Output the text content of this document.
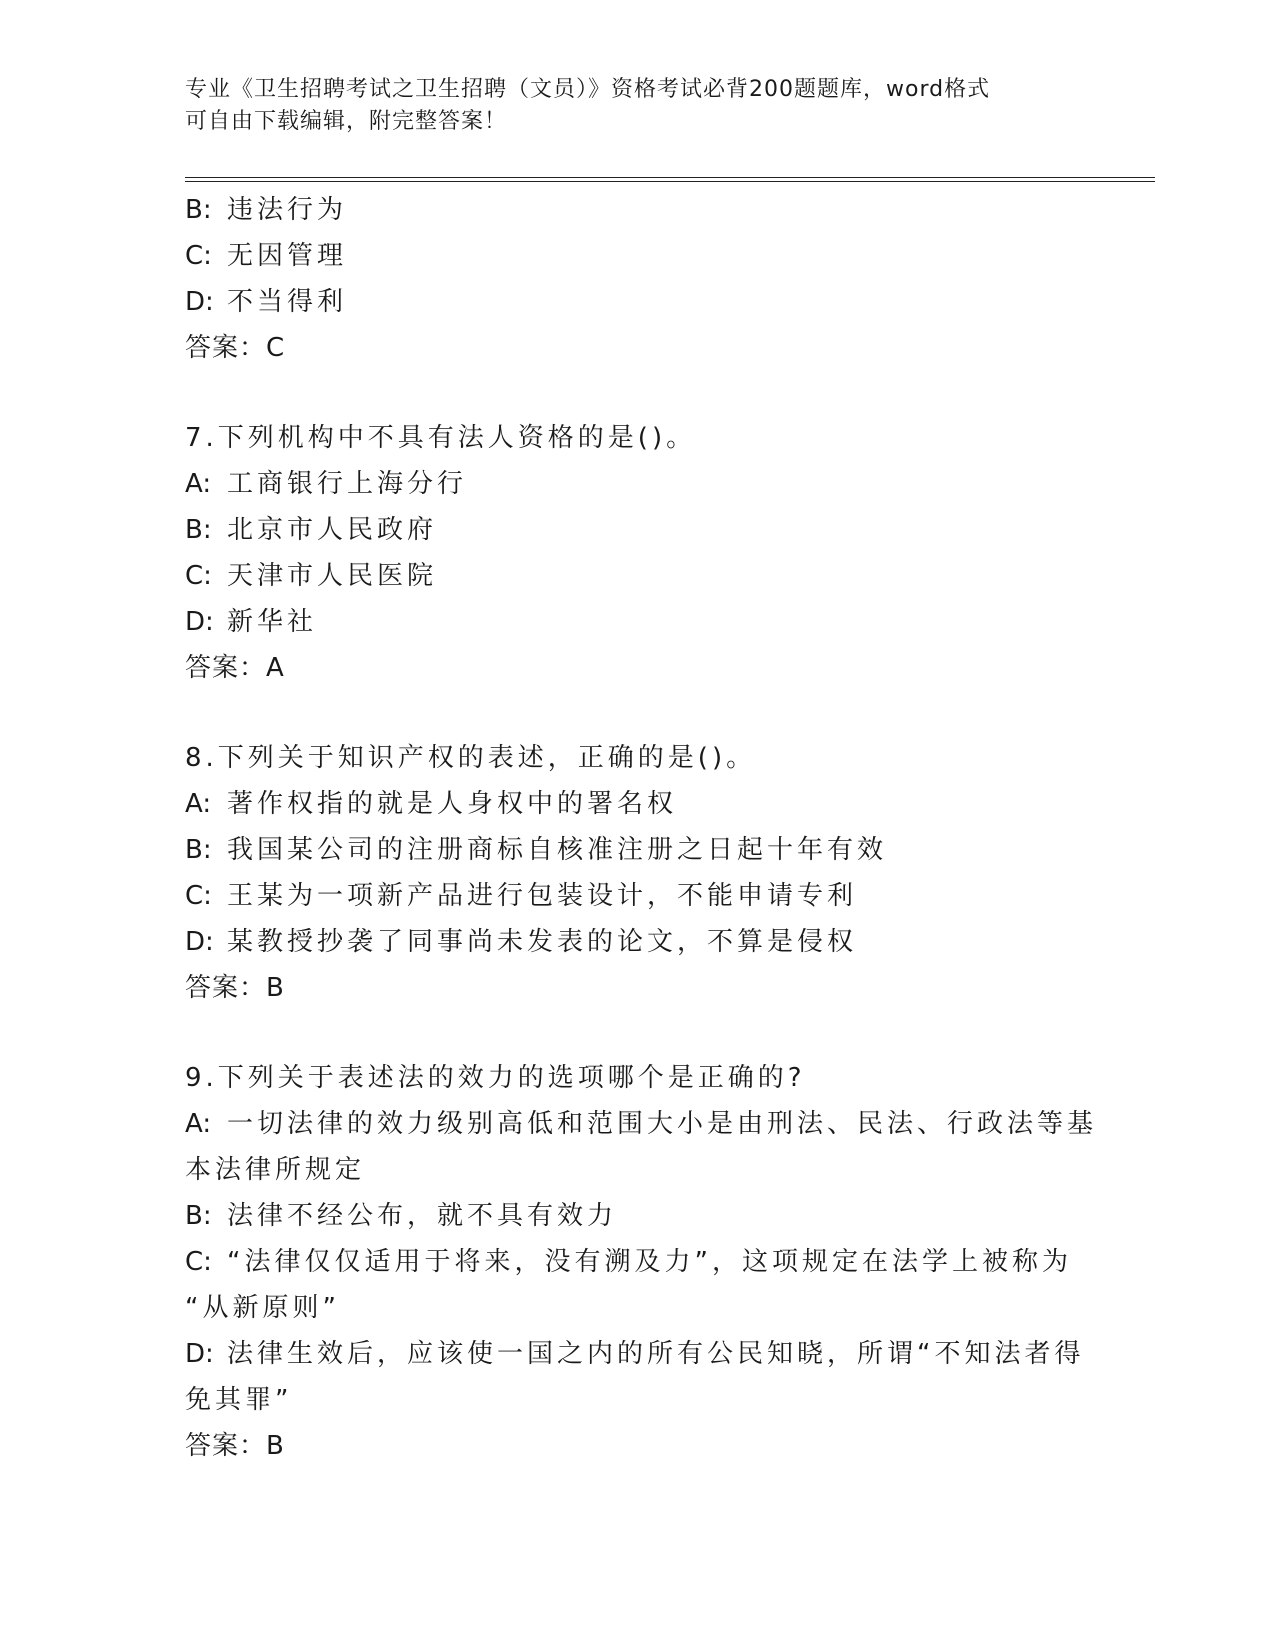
专业《卫生招聘考试之卫生招聘（文员）》资格考试必背200题题库，word格式
可自由下载编辑，附完整答案！
B: 违法行为
C: 无因管理
D: 不当得利
答案：C
7.下列机构中不具有法人资格的是()。
A: 工商银行上海分行
B: 北京市人民政府
C: 天津市人民医院
D: 新华社
答案：A
8.下列关于知识产权的表述，正确的是()。
A: 著作权指的就是人身权中的署名权
B: 我国某公司的注册商标自核准注册之日起十年有效
C: 王某为一项新产品进行包装设计，不能申请专利
D: 某教授抄袭了同事尚未发表的论文，不算是侵权
答案：B
9.下列关于表述法的效力的选项哪个是正确的?
A: 一切法律的效力级别高低和范围大小是由刑法、民法、行政法等基
本法律所规定
B: 法律不经公布，就不具有效力
C: “法律仅仅适用于将来，没有溯及力”，这项规定在法学上被称为
“从新原则”
D: 法律生效后，应该使一国之内的所有公民知晓，所谓“不知法者得
免其罪”
答案：B
